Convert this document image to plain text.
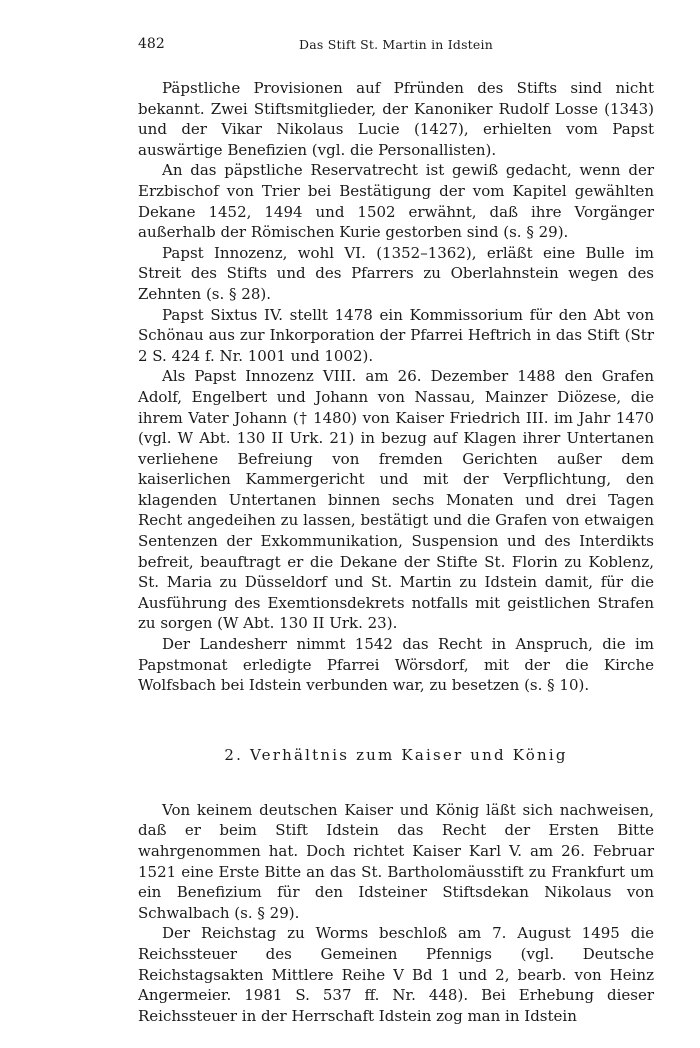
482	Das Stift St. Martin in Idstein

Päpstliche Provisionen auf Pfründen des Stifts sind nicht bekannt. Zwei Stiftsmitglieder, der Kanoniker Rudolf Losse (1343) und der Vikar Nikolaus Lucie (1427), erhielten vom Papst auswärtige Benefizien (vgl. die Personallisten).

An das päpstliche Reservatrecht ist gewiß gedacht, wenn der Erzbischof von Trier bei Bestätigung der vom Kapitel gewählten Dekane 1452, 1494 und 1502 erwähnt, daß ihre Vorgänger außerhalb der Römischen Kurie gestorben sind (s. § 29).

Papst Innozenz, wohl VI. (1352–1362), erläßt eine Bulle im Streit des Stifts und des Pfarrers zu Oberlahnstein wegen des Zehnten (s. § 28).

Papst Sixtus IV. stellt 1478 ein Kommissorium für den Abt von Schönau aus zur Inkorporation der Pfarrei Heftrich in das Stift (Str 2 S. 424 f. Nr. 1001 und 1002).

Als Papst Innozenz VIII. am 26. Dezember 1488 den Grafen Adolf, Engelbert und Johann von Nassau, Mainzer Diözese, die ihrem Vater Johann († 1480) von Kaiser Friedrich III. im Jahr 1470 (vgl. W Abt. 130 II Urk. 21) in bezug auf Klagen ihrer Untertanen verliehene Befreiung von fremden Gerichten außer dem kaiserlichen Kammergericht und mit der Verpflichtung, den klagenden Untertanen binnen sechs Monaten und drei Tagen Recht angedeihen zu lassen, bestätigt und die Grafen von etwaigen Sentenzen der Exkommunikation, Suspension und des Interdikts befreit, beauftragt er die Dekane der Stifte St. Florin zu Koblenz, St. Maria zu Düsseldorf und St. Martin zu Idstein damit, für die Ausführung des Exemtionsdekrets notfalls mit geistlichen Strafen zu sorgen (W Abt. 130 II Urk. 23).

Der Landesherr nimmt 1542 das Recht in Anspruch, die im Papstmonat erledigte Pfarrei Wörsdorf, mit der die Kirche Wolfsbach bei Idstein verbunden war, zu besetzen (s. § 10).

2. Verhältnis zum Kaiser und König

Von keinem deutschen Kaiser und König läßt sich nachweisen, daß er beim Stift Idstein das Recht der Ersten Bitte wahrgenommen hat. Doch richtet Kaiser Karl V. am 26. Februar 1521 eine Erste Bitte an das St. Bartholomäusstift zu Frankfurt um ein Benefizium für den Idsteiner Stiftsdekan Nikolaus von Schwalbach (s. § 29).

Der Reichstag zu Worms beschloß am 7. August 1495 die Reichssteuer des Gemeinen Pfennigs (vgl. Deutsche Reichstagsakten Mittlere Reihe V Bd 1 und 2, bearb. von Heinz Angermeier. 1981 S. 537 ff. Nr. 448). Bei Erhebung dieser Reichssteuer in der Herrschaft Idstein zog man in Idstein
